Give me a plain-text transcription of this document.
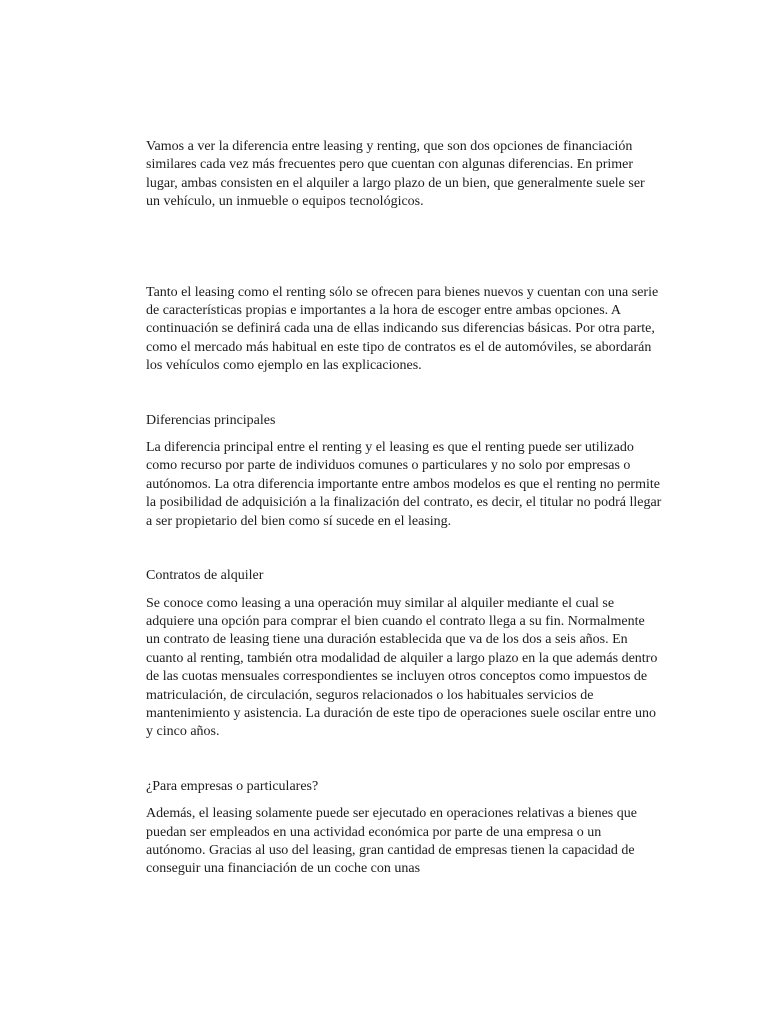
Vamos a ver la diferencia entre leasing y renting, que son dos opciones de financiación similares cada vez más frecuentes pero que cuentan con algunas diferencias. En primer lugar, ambas consisten en el alquiler a largo plazo de un bien, que generalmente suele ser un vehículo, un inmueble o equipos tecnológicos.

Tanto el leasing como el renting sólo se ofrecen para bienes nuevos y cuentan con una serie de características propias e importantes a la hora de escoger entre ambas opciones. A continuación se definirá cada una de ellas indicando sus diferencias básicas. Por otra parte, como el mercado más habitual en este tipo de contratos es el de automóviles, se abordarán los vehículos como ejemplo en las explicaciones.

Diferencias principales

La diferencia principal entre el renting y el leasing es que el renting puede ser utilizado como recurso por parte de individuos comunes o particulares y no solo por empresas o autónomos. La otra diferencia importante entre ambos modelos es que el renting no permite la posibilidad de adquisición a la finalización del contrato, es decir, el titular no podrá llegar a ser propietario del bien como sí sucede en el leasing.

Contratos de alquiler

Se conoce como leasing a una operación muy similar al alquiler mediante el cual se adquiere una opción para comprar el bien cuando el contrato llega a su fin. Normalmente un contrato de leasing tiene una duración establecida que va de los dos a seis años. En cuanto al renting, también otra modalidad de alquiler a largo plazo en la que además dentro de las cuotas mensuales correspondientes se incluyen otros conceptos como impuestos de matriculación, de circulación, seguros relacionados o los habituales servicios de mantenimiento y asistencia. La duración de este tipo de operaciones suele oscilar entre uno y cinco años.

¿Para empresas o particulares?

Además, el leasing solamente puede ser ejecutado en operaciones relativas a bienes que puedan ser empleados en una actividad económica por parte de una empresa o un autónomo. Gracias al uso del leasing, gran cantidad de empresas tienen la capacidad de conseguir una financiación de un coche con unas
